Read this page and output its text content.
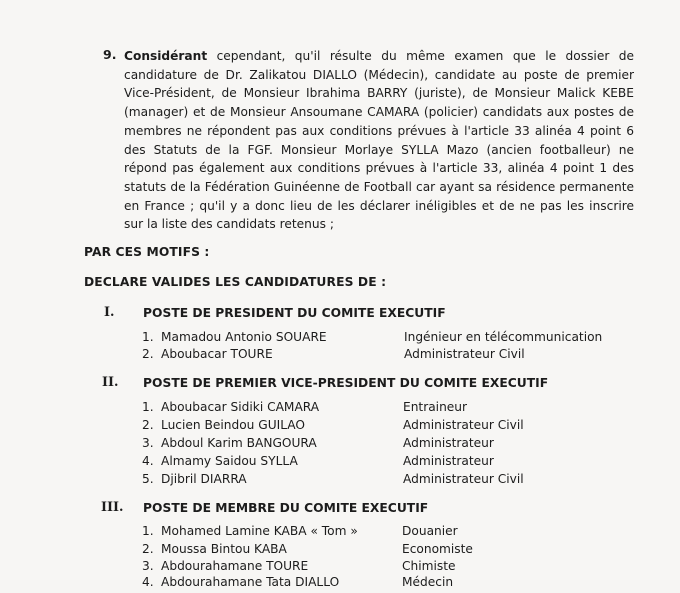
9. Considérant cependant, qu'il résulte du même examen que le dossier de candidature de Dr. Zalikatou DIALLO (Médecin), candidate au poste de premier Vice-Président, de Monsieur Ibrahima BARRY (juriste), de Monsieur Malick KEBE (manager) et de Monsieur Ansoumane CAMARA (policier) candidats aux postes de membres ne répondent pas aux conditions prévues à l'article 33 alinéa 4 point 6 des Statuts de la FGF. Monsieur Morlaye SYLLA Mazo (ancien footballeur) ne répond pas également aux conditions prévues à l'article 33, alinéa 4 point 1 des statuts de la Fédération Guinéenne de Football car ayant sa résidence permanente en France ; qu'il y a donc lieu de les déclarer inéligibles et de ne pas les inscrire sur la liste des candidats retenus ;
PAR CES MOTIFS :
DECLARE VALIDES LES CANDIDATURES DE :
I. POSTE DE PRESIDENT DU COMITE EXECUTIF
1. Mamadou Antonio SOUARE	Ingénieur en télécommunication
2. Aboubacar TOURE	Administrateur Civil
II. POSTE DE PREMIER VICE-PRESIDENT DU COMITE EXECUTIF
1. Aboubacar Sidiki CAMARA	Entraineur
2. Lucien Beindou GUILAO	Administrateur Civil
3. Abdoul Karim BANGOURA	Administrateur
4. Almamy Saidou SYLLA	Administrateur
5. Djibril DIARRA	Administrateur Civil
III. POSTE DE MEMBRE DU COMITE EXECUTIF
1. Mohamed Lamine KABA « Tom »	Douanier
2. Moussa Bintou KABA	Economiste
3. Abdourahamane TOURE	Chimiste
4. Abdourahamane Tata DIALLO	Médecin
